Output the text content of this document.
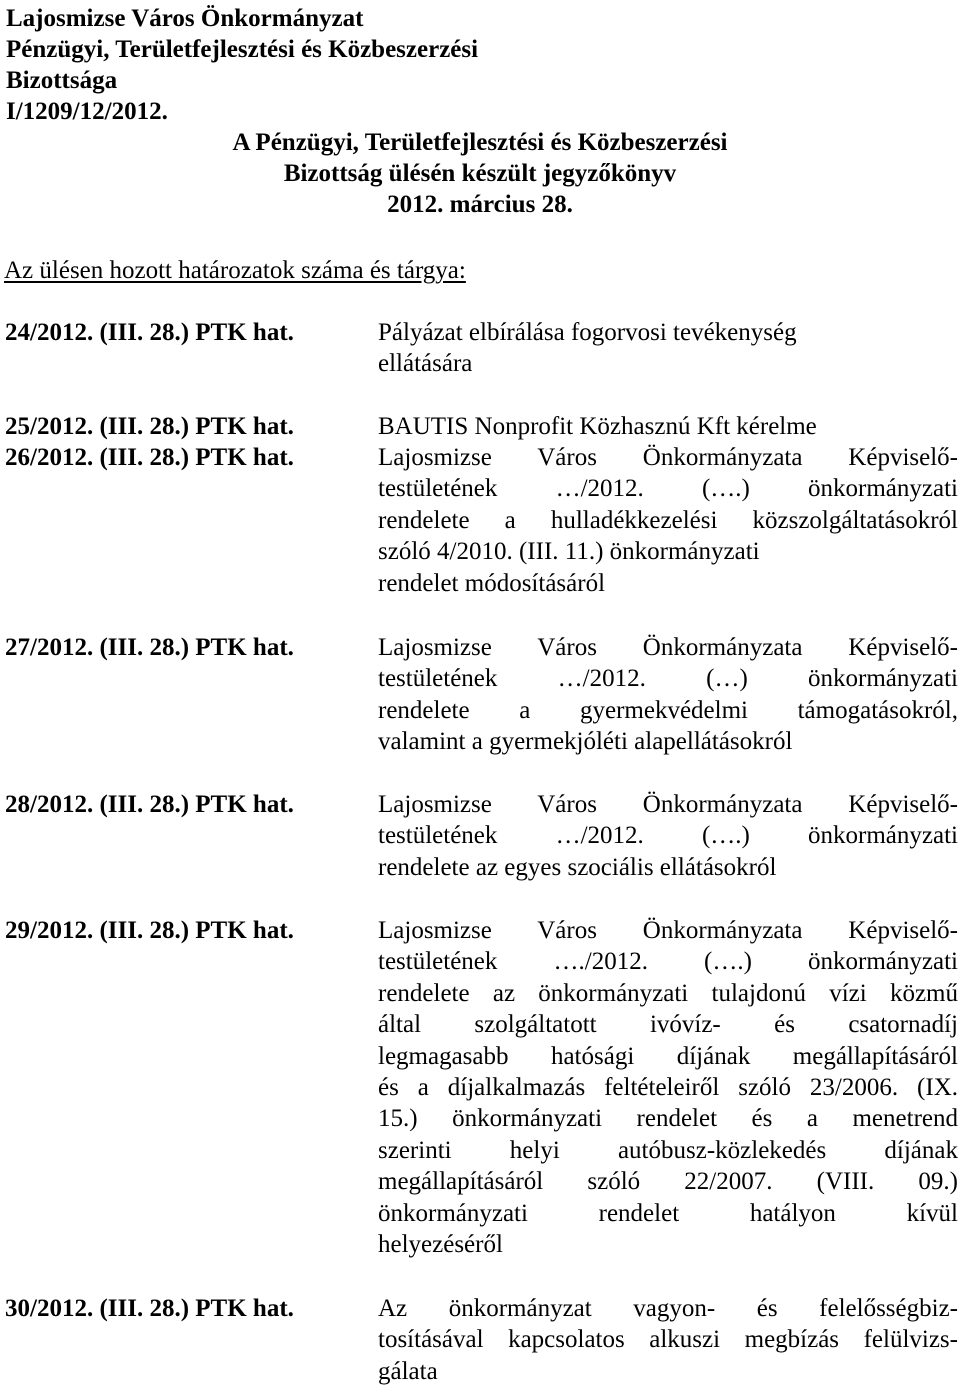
Lajosmizse Város Önkormányzat
Pénzügyi, Területfejlesztési és Közbeszerzési
Bizottsága
I/1209/12/2012.
A Pénzügyi, Területfejlesztési és Közbeszerzési
Bizottság ülésén készült jegyzőkönyv
2012. március 28.
Az ülésen hozott határozatok száma és tárgya:
24/2012. (III. 28.) PTK hat.	Pályázat elbírálása fogorvosi tevékenység
ellátására
25/2012. (III. 28.) PTK hat.	BAUTIS Nonprofit Közhasznú Kft kérelme
26/2012. (III. 28.) PTK hat.	Lajosmizse Város Önkormányzata Képviselő-
testületének …/2012. (….) önkormányzati
rendelete a hulladékkezelési közszolgáltatásokról
szóló 4/2010. (III. 11.) önkormányzati
rendelet módosításáról
27/2012. (III. 28.) PTK hat.	Lajosmizse Város Önkormányzata Képviselő-
testületének …/2012. (…) önkormányzati
rendelete a gyermekvédelmi támogatásokról,
valamint a gyermekjóléti alapellátásokról
28/2012. (III. 28.) PTK hat.	Lajosmizse Város Önkormányzata Képviselő-
testületének …/2012. (….) önkormányzati
rendelete az egyes szociális ellátásokról
29/2012. (III. 28.) PTK hat.	Lajosmizse Város Önkormányzata Képviselő-
testületének …./2012. (….) önkormányzati
rendelete az önkormányzati tulajdonú vízi közmű
által szolgáltatott ivóvíz- és csatornadíj
legmagasabb hatósági díjának megállapításáról
és a díjalkalmazás feltételeiről szóló 23/2006. (IX.
15.) önkormányzati rendelet és a menetrend
szerinti helyi autóbusz-közlekedés díjának
megállapításáról szóló 22/2007. (VIII. 09.)
önkormányzati rendelet hatályon kívül
helyezéséről
30/2012. (III. 28.) PTK hat.	Az önkormányzat vagyon- és felelősségbiz-
tosításával kapcsolatos alkuszi megbízás felülvizs-
gálata
